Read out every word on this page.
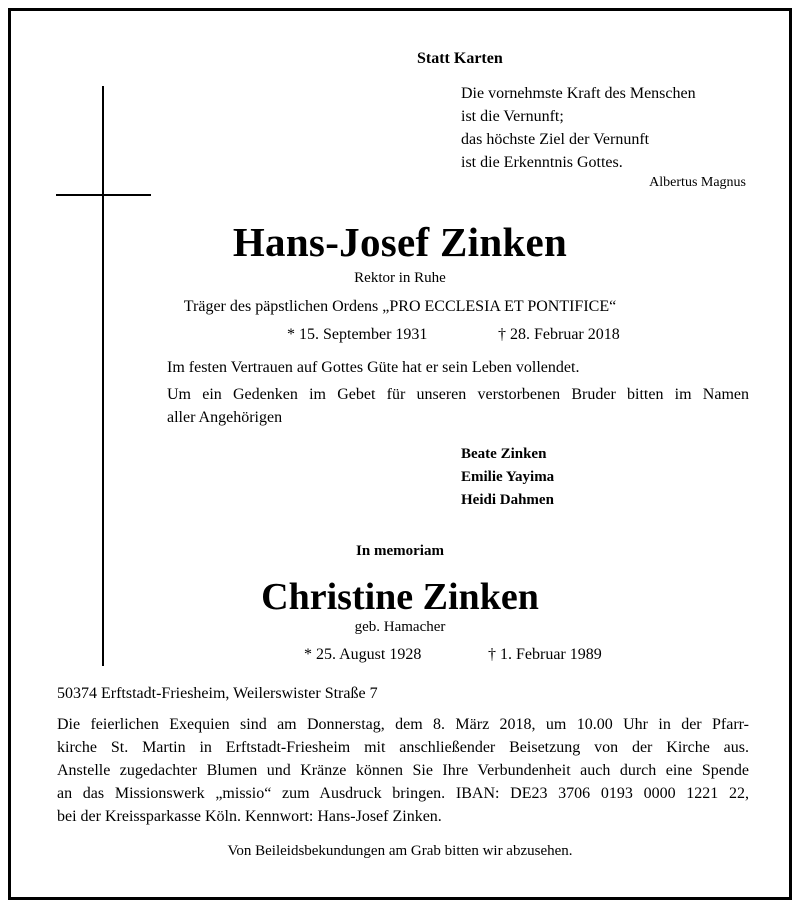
Statt Karten
Die vornehmste Kraft des Menschen
ist die Vernunft;
das höchste Ziel der Vernunft
ist die Erkenntnis Gottes.
Albertus Magnus
Hans-Josef Zinken
Rektor in Ruhe
Träger des päpstlichen Ordens „PRO ECCLESIA ET PONTIFICE“
* 15. September 1931	† 28. Februar 2018
Im festen Vertrauen auf Gottes Güte hat er sein Leben vollendet.
Um ein Gedenken im Gebet für unseren verstorbenen Bruder bitten im Namen
aller Angehörigen
Beate Zinken
Emilie Yayima
Heidi Dahmen
In memoriam
Christine Zinken
geb. Hamacher
* 25. August 1928	† 1. Februar 1989
50374 Erftstadt-Friesheim, Weilerswister Straße 7
Die feierlichen Exequien sind am Donnerstag, dem 8. März 2018, um 10.00 Uhr in der Pfarr-
kirche St. Martin in Erftstadt-Friesheim mit anschließender Beisetzung von der Kirche aus.
Anstelle zugedachter Blumen und Kränze können Sie Ihre Verbundenheit auch durch eine Spende
an das Missionswerk „missio“ zum Ausdruck bringen. IBAN: DE23 3706 0193 0000 1221 22,
bei der Kreissparkasse Köln. Kennwort: Hans-Josef Zinken.
Von Beileidsbekundungen am Grab bitten wir abzusehen.
